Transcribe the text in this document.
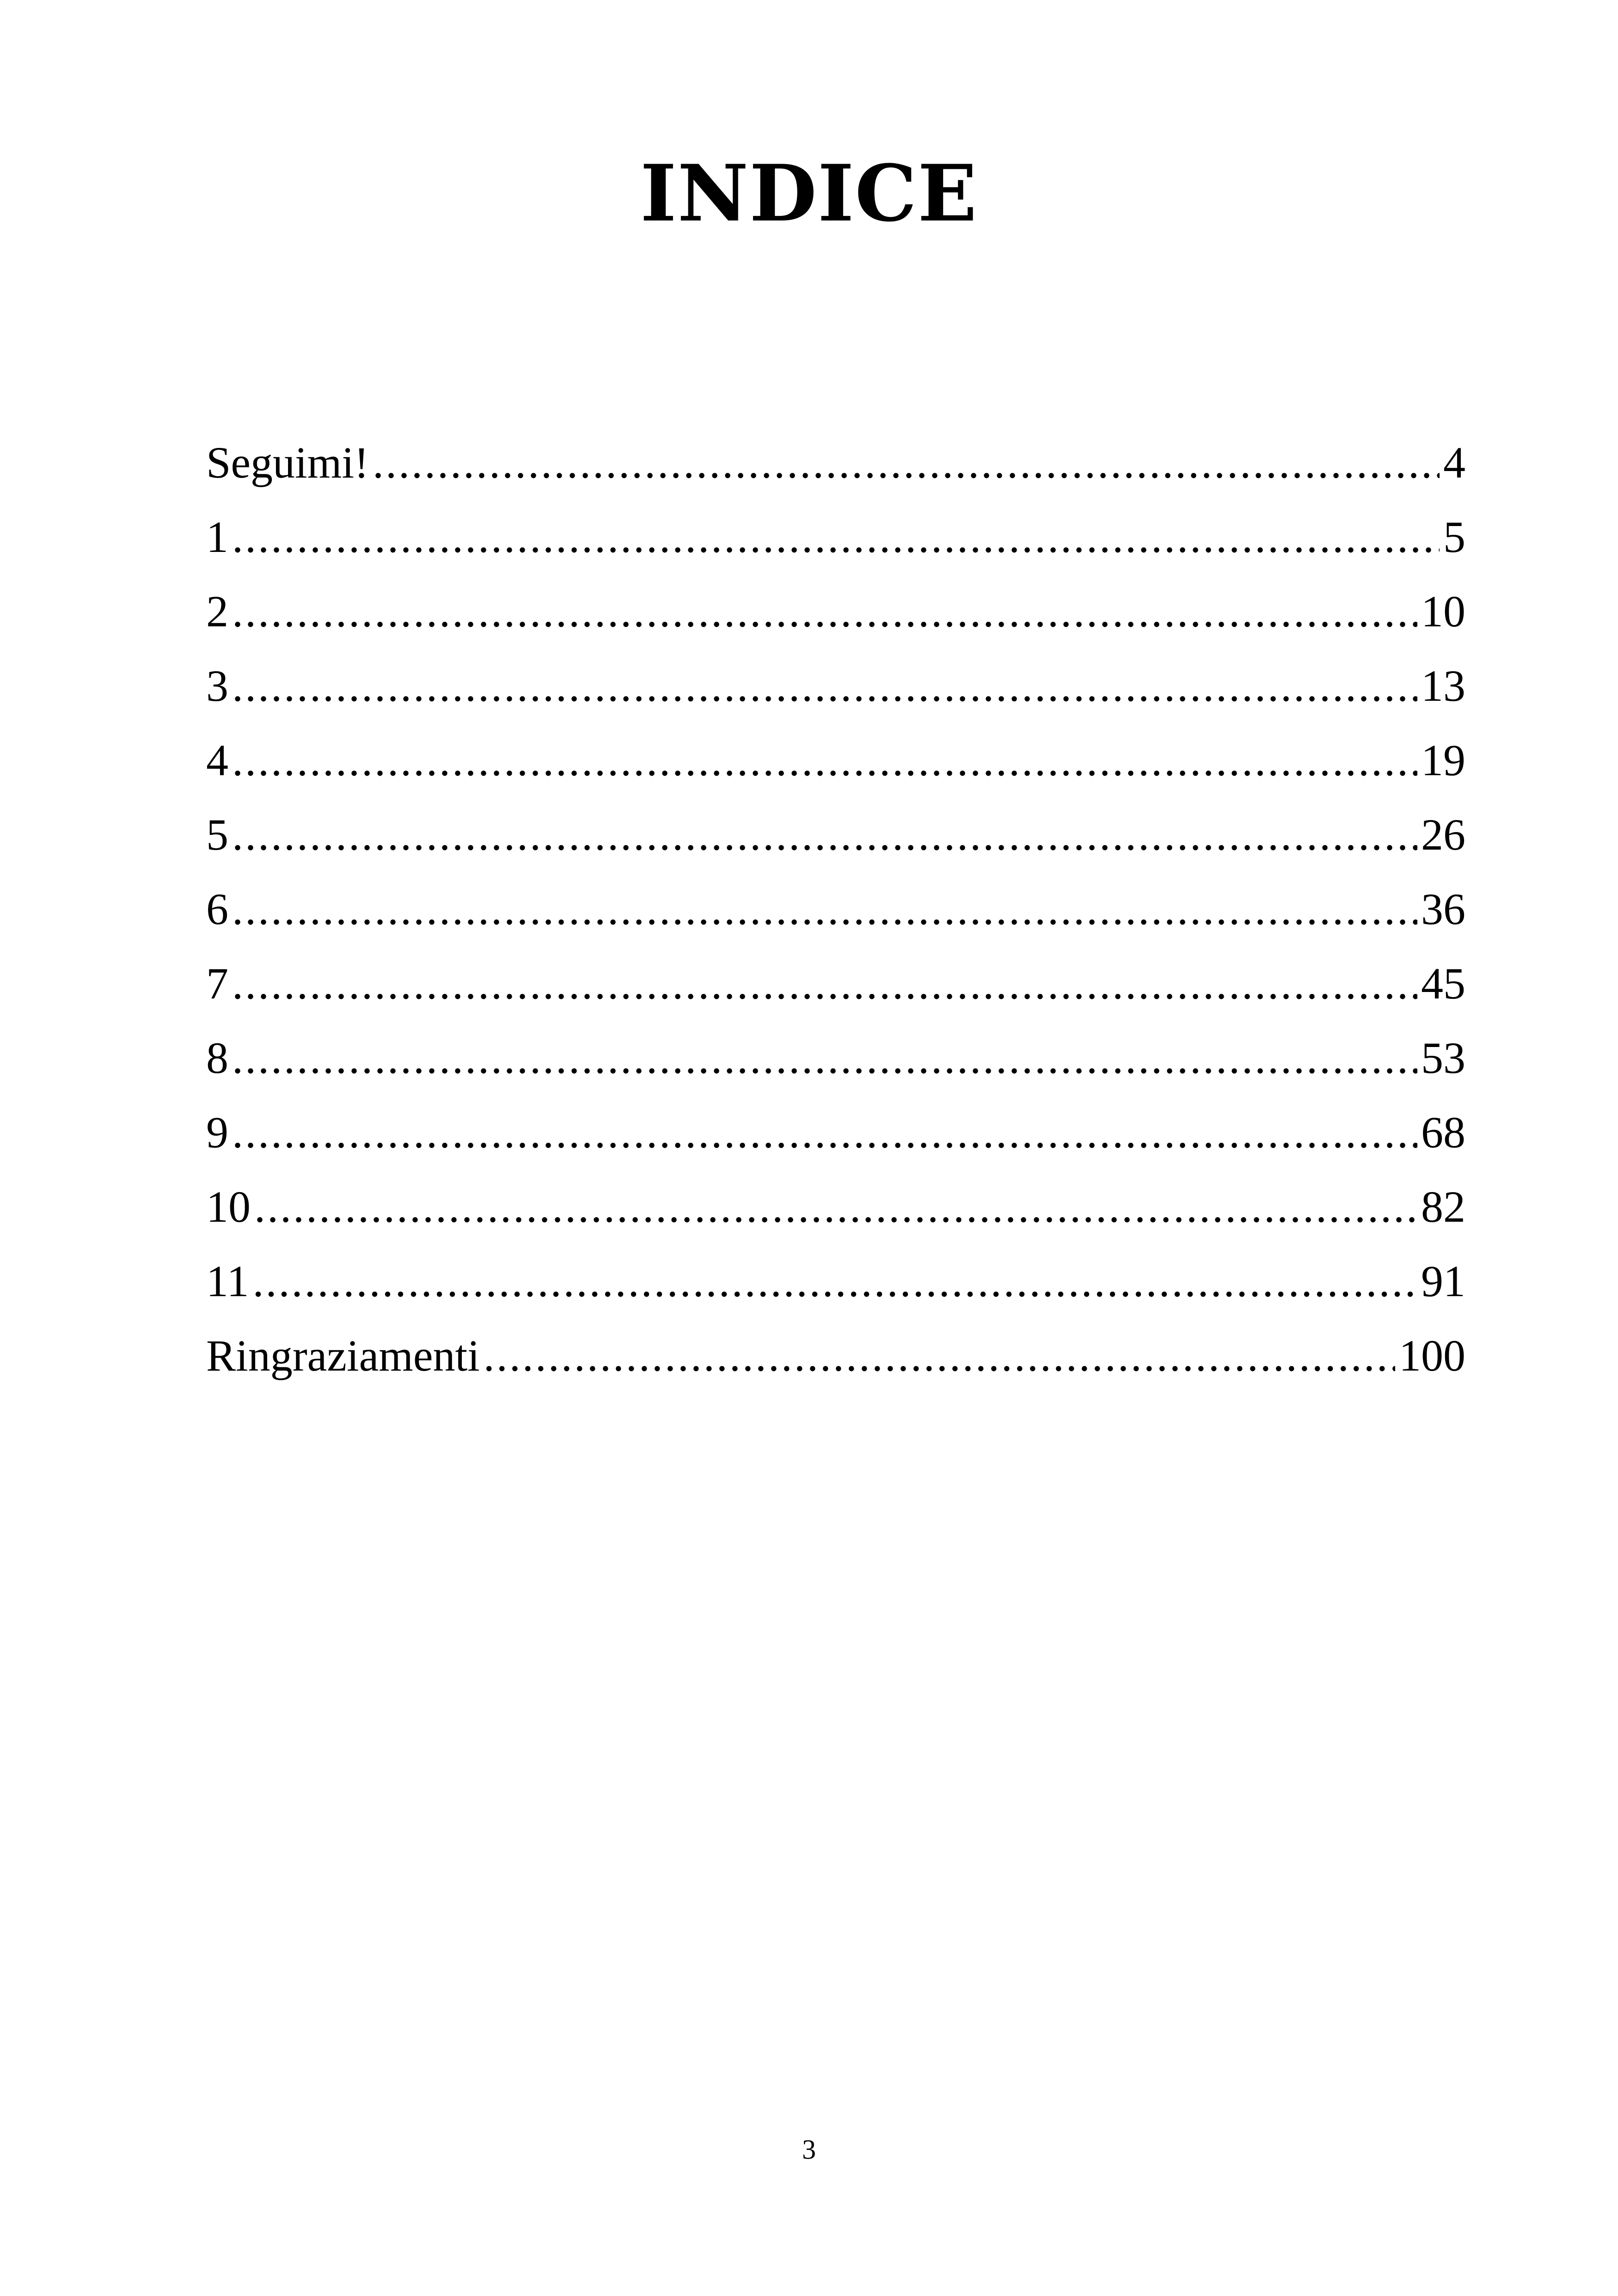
INDICE
Seguimi! .....	4
1 .....	5
2 .....	10
3 .....	13
4 .....	19
5 .....	26
6 .....	36
7 .....	45
8 .....	53
9 .....	68
10 .....	82
11 .....	91
Ringraziamenti .....	100
3
